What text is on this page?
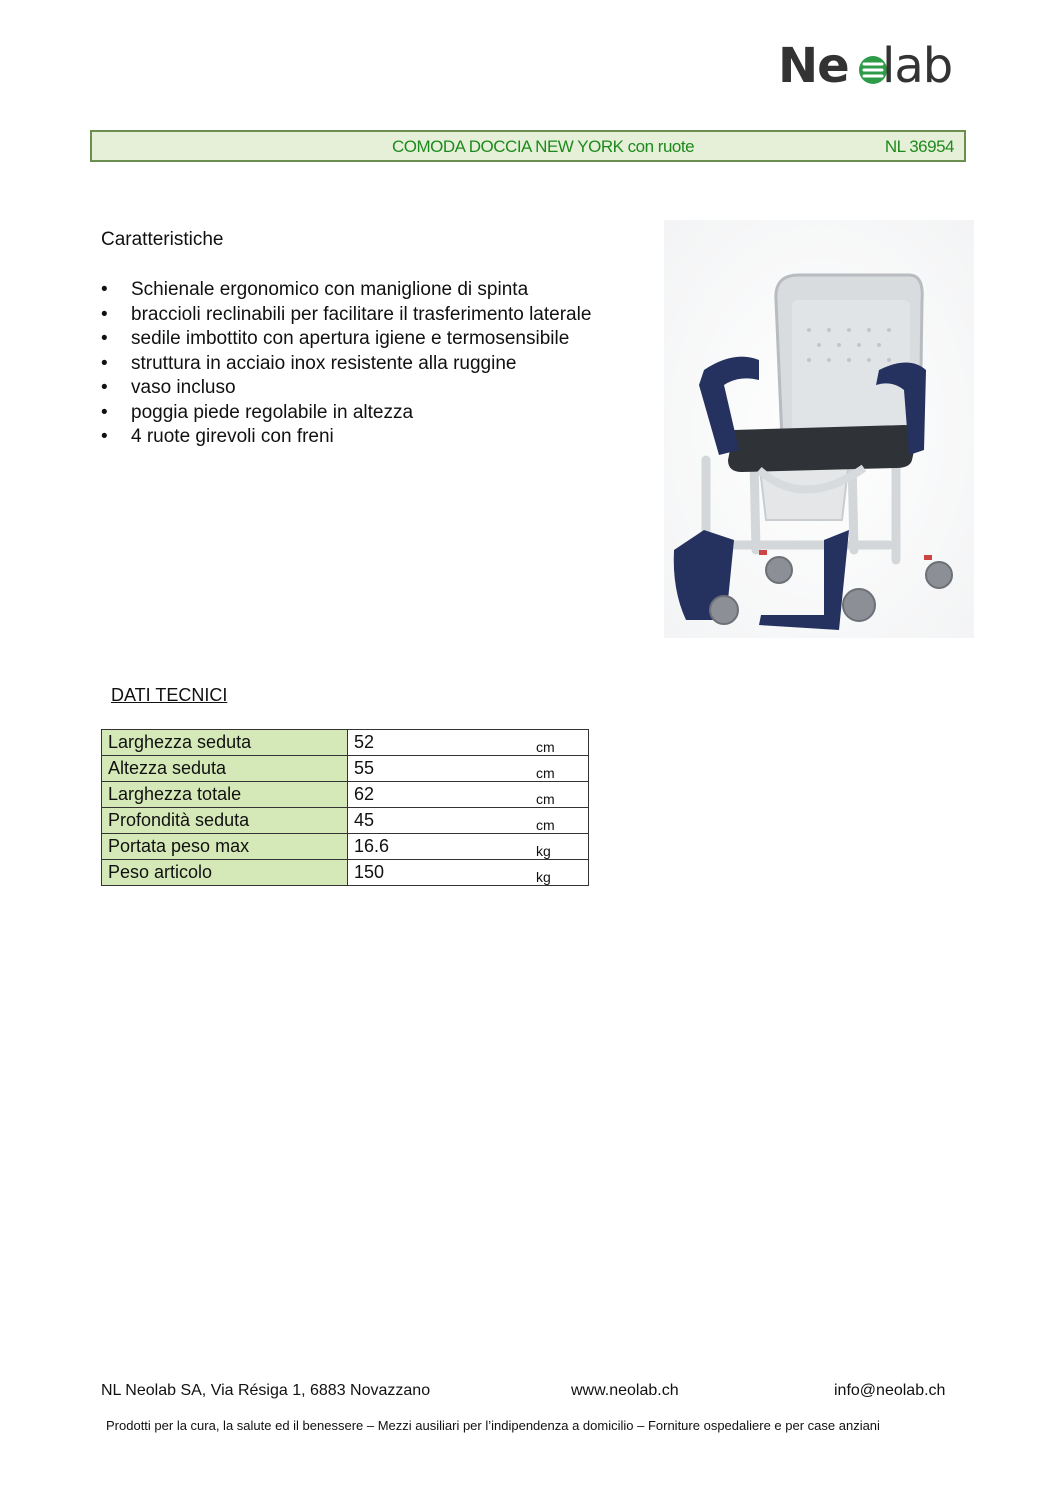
Ne lab
COMODA DOCCIA NEW YORK con ruote	NL 36954
Caratteristiche
• Schienale ergonomico con maniglione di spinta
• braccioli reclinabili per facilitare il trasferimento laterale
• sedile imbottito con apertura igiene e termosensibile
• struttura in acciaio inox resistente alla ruggine
• vaso incluso
• poggia piede regolabile in altezza
• 4 ruote girevoli con freni
DATI TECNICI
Larghezza seduta	52 cm

Altezza seduta	55 cm

Larghezza totale	62 cm

Profondità seduta	45 cm

Portata peso max	16.6 kg

Peso articolo	150 kg
NL Neolab SA, Via Résiga 1, 6883 Novazzano	www.neolab.ch	info@neolab.ch
Prodotti per la cura, la salute ed il benessere – Mezzi ausiliari per l’indipendenza a domicilio – Forniture ospedaliere e per case anziani
